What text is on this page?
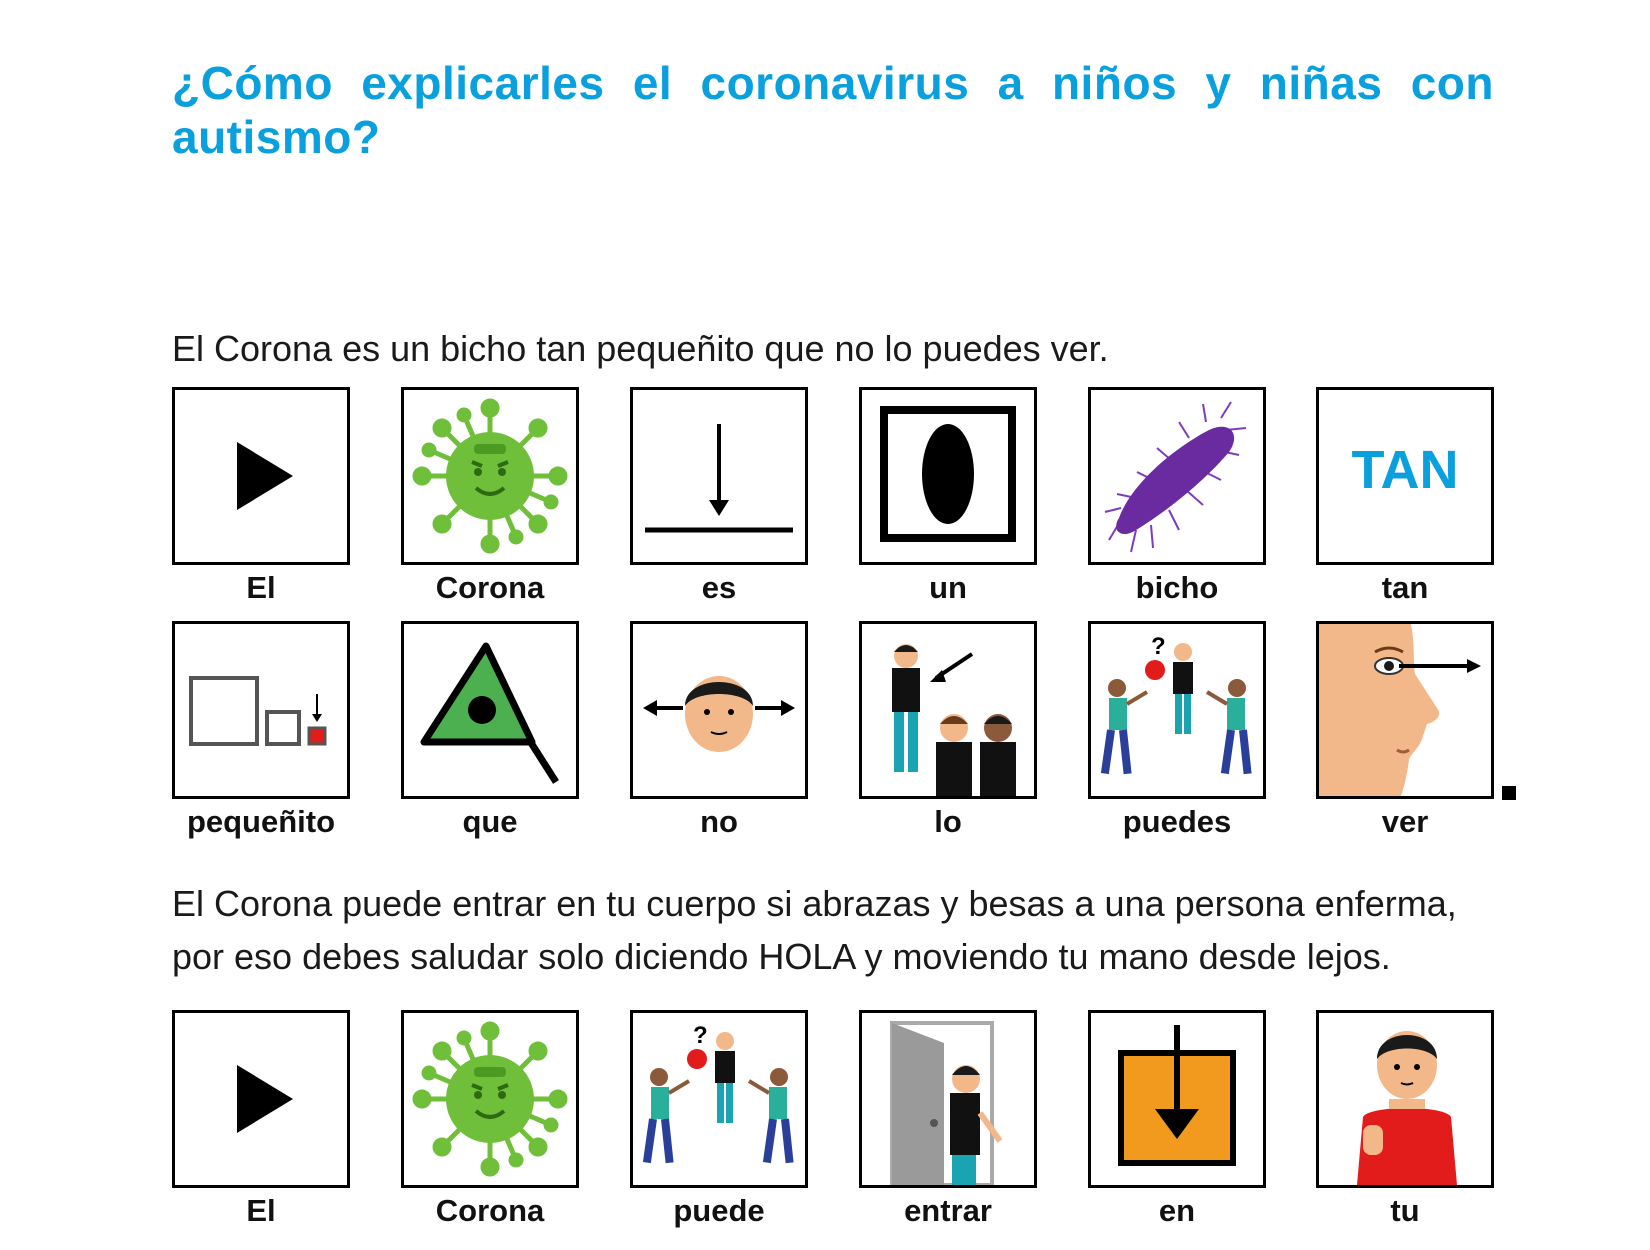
¿Cómo explicarles el coronavirus a niños y niñas con autismo?

El Corona es un bicho tan pequeñito que no lo puedes ver.

El	Corona	es	un	bicho
TAN
tan
pequeñito	que	no	lo
?
puedes	ver

El Corona puede entrar en tu cuerpo si abrazas y besas a una persona enferma, por eso debes saludar solo diciendo HOLA y moviendo tu mano desde lejos.

El	Corona
?
puede	entrar	en	tu
